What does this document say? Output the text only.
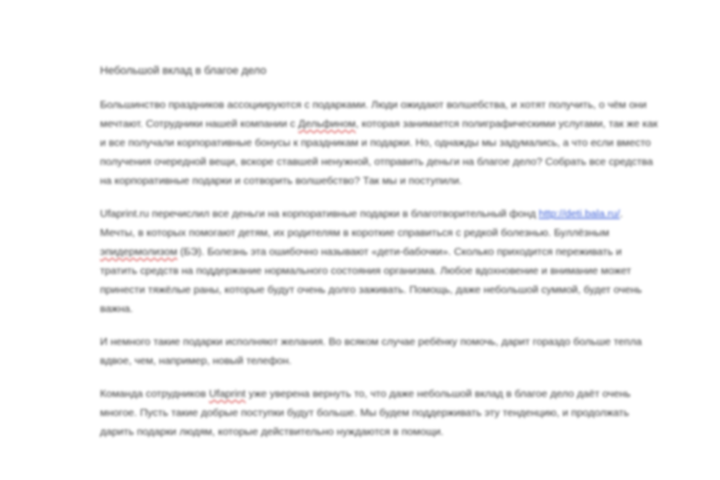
Небольшой вклад в благое дело
Большинство праздников ассоциируются с подарками. Люди ожидают волшебства, и хотят получить, о чём они мечтают. Сотрудники нашей компании с Дельфином, которая занимается полиграфическими услугами, так же как и все получали корпоративные бонусы к праздникам и подарки. Но, однажды мы задумались, а что если вместо получения очередной вещи, вскоре ставшей ненужной, отправить деньги на благое дело? Собрать все средства на корпоративные подарки и сотворить волшебство? Так мы и поступили.
Ufaprint.ru перечислил все деньги на корпоративные подарки в благотворительный фонд http://deti.bala.ru/. Мечты, в которых помогают детям, их родителям в короткие справиться с редкой болезнью. Буллёзным эпидермолизом (БЭ). Болезнь эта ошибочно называют «дети-бабочки». Сколько приходится переживать и тратить средств на поддержание нормального состояния организма. Любое вдохновение и внимание может принести тяжёлые раны, которые будут очень долго заживать. Помощь, даже небольшой суммой, будет очень важна.
И немного такие подарки исполняют желания. Во всяком случае ребёнку помочь, дарит гораздо больше тепла вдвое, чем, например, новый телефон.
Команда сотрудников Ufaprint уже уверена вернуть то, что даже небольшой вклад в благое дело даёт очень многое. Пусть такие добрые поступки будут больше. Мы будем поддерживать эту тенденцию, и продолжать дарить подарки людям, которые действительно нуждаются в помощи.
